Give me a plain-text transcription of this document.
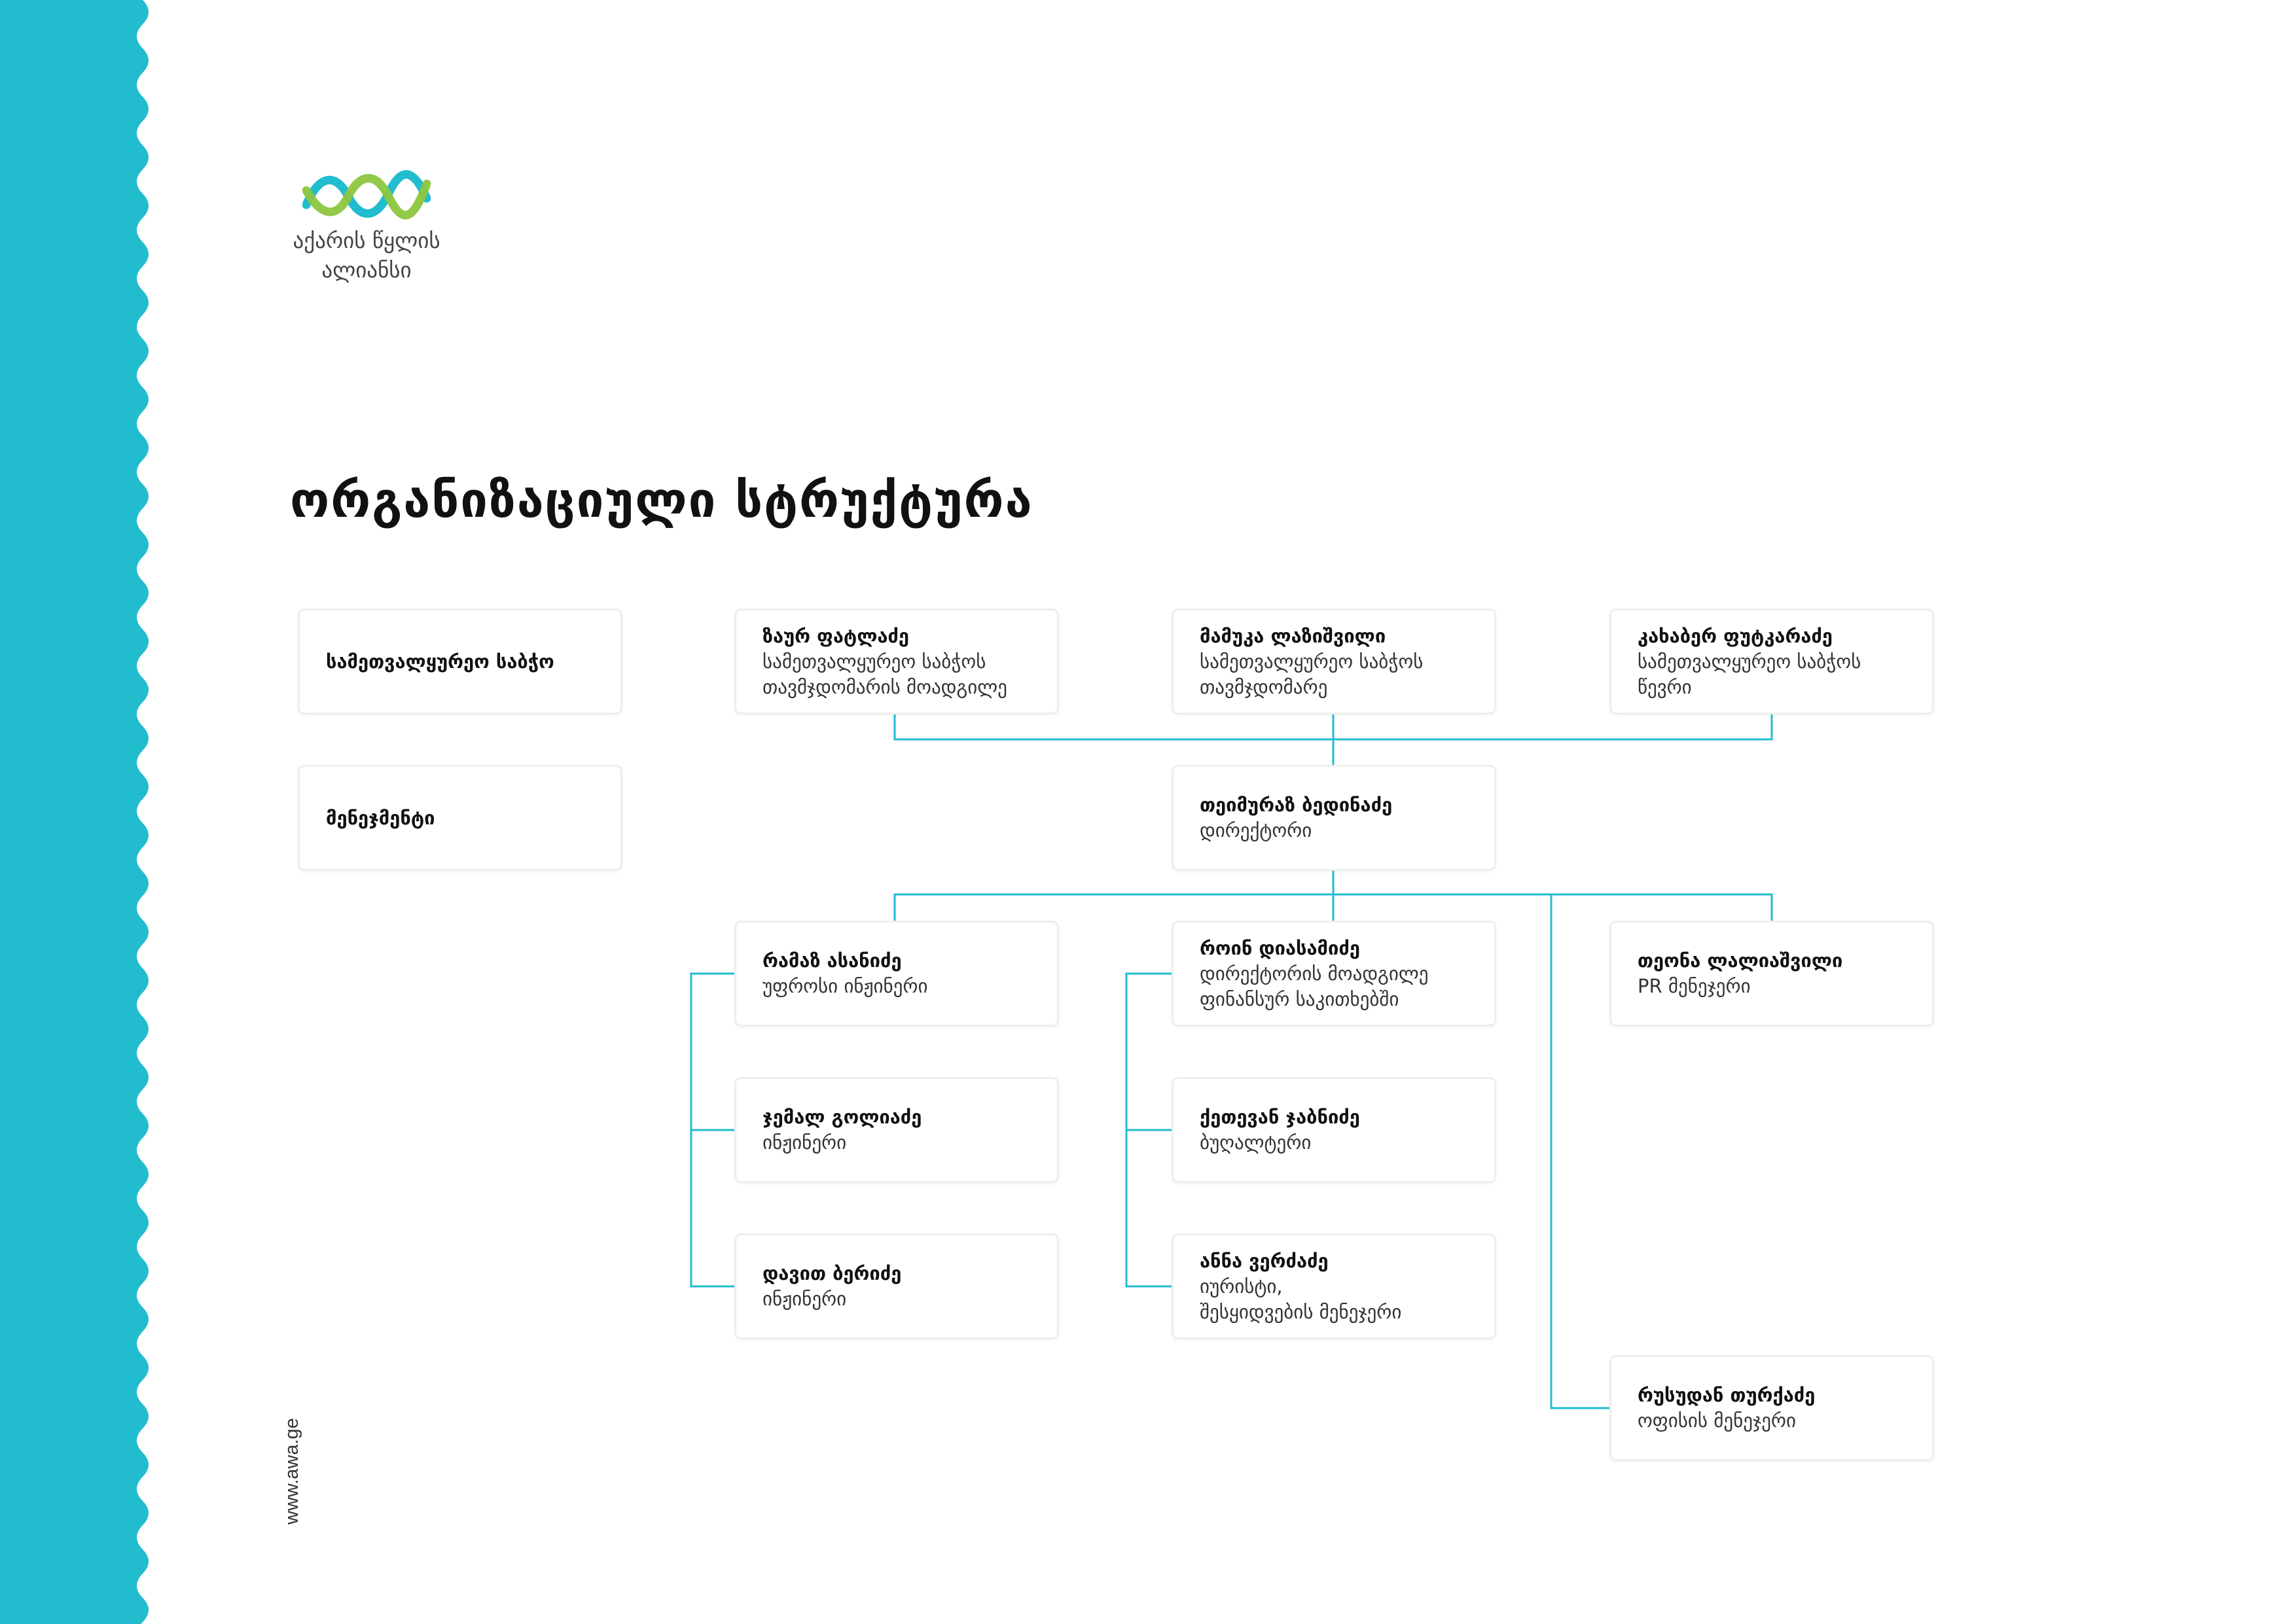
აქარის წყლის
ალიანსი
ორგანიზაციული სტრუქტურა
www.awa.ge
სამეთვალყურეო საბჭო
მენეჯმენტი
ზაურ ფატლაძე
სამეთვალყურეო საბჭოს
თავმჯდომარის მოადგილე
მამუკა ლაზიშვილი
სამეთვალყურეო საბჭოს
თავმჯდომარე
კახაბერ ფუტკარაძე
სამეთვალყურეო საბჭოს
წევრი
თეიმურაზ ბედინაძე
დირექტორი
რამაზ ასანიძე
უფროსი ინჟინერი
ჯემალ გოლიაძე
ინჟინერი
დავით ბერიძე
ინჟინერი
როინ დიასამიძე
დირექტორის მოადგილე
ფინანსურ საკითხებში
ქეთევან ჯაბნიძე
ბუღალტერი
ანნა ვერძაძე
იურისტი,
შესყიდვების მენეჯერი
თეონა ლალიაშვილი
PR მენეჯერი
რუსუდან თურქაძე
ოფისის მენეჯერი
